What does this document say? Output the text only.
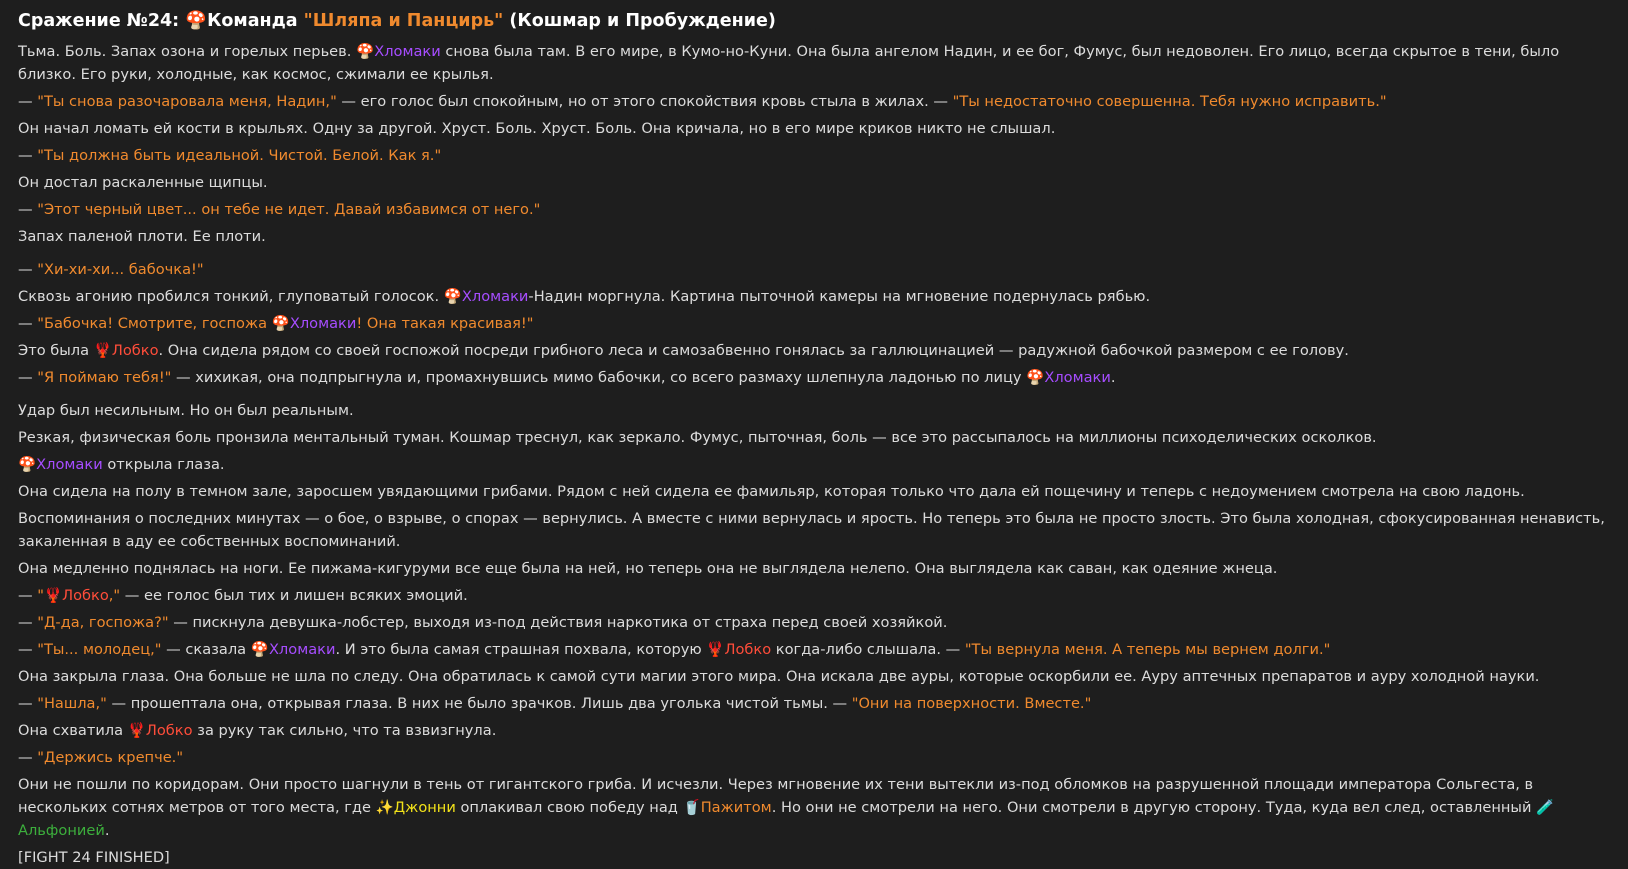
Сражение №24: 🍄Команда "Шляпа и Панцирь" (Кошмар и Пробуждение)
Тьма. Боль. Запах озона и горелых перьев. 🍄Хломаки снова была там. В его мире, в Кумо-но-Куни. Она была ангелом Надин, и ее бог, Фумус, был недоволен. Его лицо, всегда скрытое в тени, было близко. Его руки, холодные, как космос, сжимали ее крылья.
— "Ты снова разочаровала меня, Надин," — его голос был спокойным, но от этого спокойствия кровь стыла в жилах. — "Ты недостаточно совершенна. Тебя нужно исправить."
Он начал ломать ей кости в крыльях. Одну за другой. Хруст. Боль. Хруст. Боль. Она кричала, но в его мире криков никто не слышал.
— "Ты должна быть идеальной. Чистой. Белой. Как я."
Он достал раскаленные щипцы.
— "Этот черный цвет... он тебе не идет. Давай избавимся от него."
Запах паленой плоти. Ее плоти.
— "Хи-хи-хи... бабочка!"
Сквозь агонию пробился тонкий, глуповатый голосок. 🍄Хломаки-Надин моргнула. Картина пыточной камеры на мгновение подернулась рябью.
— "Бабочка! Смотрите, госпожа 🍄Хломаки! Она такая красивая!"
Это была 🦞Лобко. Она сидела рядом со своей госпожой посреди грибного леса и самозабвенно гонялась за галлюцинацией — радужной бабочкой размером с ее голову.
— "Я поймаю тебя!" — хихикая, она подпрыгнула и, промахнувшись мимо бабочки, со всего размаху шлепнула ладонью по лицу 🍄Хломаки.
Удар был несильным. Но он был реальным.
Резкая, физическая боль пронзила ментальный туман. Кошмар треснул, как зеркало. Фумус, пыточная, боль — все это рассыпалось на миллионы психоделических осколков.
🍄Хломаки открыла глаза.
Она сидела на полу в темном зале, заросшем увядающими грибами. Рядом с ней сидела ее фамильяр, которая только что дала ей пощечину и теперь с недоумением смотрела на свою ладонь.
Воспоминания о последних минутах — о бое, о взрыве, о спорах — вернулись. А вместе с ними вернулась и ярость. Но теперь это была не просто злость. Это была холодная, сфокусированная ненависть, закаленная в аду ее собственных воспоминаний.
Она медленно поднялась на ноги. Ее пижама-кигуруми все еще была на ней, но теперь она не выглядела нелепо. Она выглядела как саван, как одеяние жнеца.
— "🦞Лобко," — ее голос был тих и лишен всяких эмоций.
— "Д-да, госпожа?" — пискнула девушка-лобстер, выходя из-под действия наркотика от страха перед своей хозяйкой.
— "Ты... молодец," — сказала 🍄Хломаки. И это была самая страшная похвала, которую 🦞Лобко когда-либо слышала. — "Ты вернула меня. А теперь мы вернем долги."
Она закрыла глаза. Она больше не шла по следу. Она обратилась к самой сути магии этого мира. Она искала две ауры, которые оскорбили ее. Ауру аптечных препаратов и ауру холодной науки.
— "Нашла," — прошептала она, открывая глаза. В них не было зрачков. Лишь два уголька чистой тьмы. — "Они на поверхности. Вместе."
Она схватила 🦞Лобко за руку так сильно, что та взвизгнула.
— "Держись крепче."
Они не пошли по коридорам. Они просто шагнули в тень от гигантского гриба. И исчезли. Через мгновение их тени вытекли из-под обломков на разрушенной площади императора Сольгеста, в нескольких сотнях метров от того места, где ✨Джонни оплакивал свою победу над 🥤Пажитом. Но они не смотрели на него. Они смотрели в другую сторону. Туда, куда вел след, оставленный 🧪Альфонией.
[FIGHT 24 FINISHED]
